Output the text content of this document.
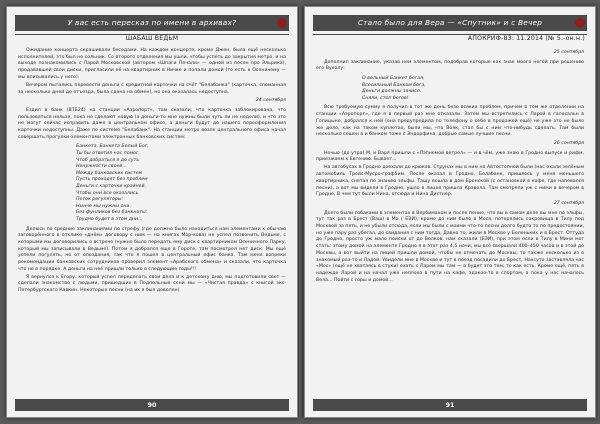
У вас есть пересказ по имени в архивах?
ШАБАШ ВЕДЬМ

Ожидание концерта скрашивали беседами. На каждом концерте, кроме Джен, была ещё несколько исполнителей, это был не сольник. Со второго отделения мы ушли, чтобы успеть до закрытия метро, и на выходе познакомились с Ларой Московской (автором «Шпаги Печали» — одной из песен про Эльрика), продававшей свои диски, пригласили её на квартирник в Ничке и попали домой (то есть к Осеничему — мы вписывались у него).

Вечером пытались перевести деньги с кредитной карточки на счёт "Белабанка" (карточка, сломанная за несколько дней до отъезда, была сдана на обмен), но она оказалась недоступна.

24 сентября

Ездил в банк (ВТБ24) на станции «Аэропорт», там сказали, что карточка заблокирована, что пользоваться нельзя, пока не сделают новую (а деньги-то мне нужны были чуть ли не недели), и что это не могут сейчас исправить даже в центральном офисе, а деньги будут до нашего переоформления карточки недоступны. Даже по системе "Белабанк". На станции метро возле центрального офиса начал совершать прогулки-элементами электронных банковских систем:

Банкета, Банкета Белый Бог,
Ты бы ответил нас помог,
Чтоб добраться я до суть
Ненужности своей...
Между банковских систем
Пусть проходят без проблем
Деньги с карточки крайней,
Чтобы они все оказались
Поток регуляторы:
Нынче мы нужны они.
Без фунликов без банкноты:
Трудно будет в этом дни...

Делюсь по средние заклинаниями по стрефу (где должно было находиться нам элементами к обычаю заговорённого в отклике «днём» договору с ним — на книгах Мор-кова) не успел позвонить Ведьме, с которыми мы договорились о встрече (нужно было передать ему диск с квартирником Осеничного Ларку, который мы записывали в Ведьме). Потом я добрался еще в Гороте, там посмотрел нет диск. Мы ещё успели погулять, но от опоздания, так что я пошел в центральный офис банка. Там меня вопреки рекомендации банковских сотрудников проверил элемент «Арабского обмена» и сказали, что карточка что не в порядке. А деньги на неё пришли только в следующие годы!!!

Я вернулся к Егору, который успел переделать свои дела и к детскому дню, мы подготовили свет — сделали знакомство с людьми, пришедших в Подпольные сени мы — «Чистая правда» с книгой экс-Петербургского Кавкин. Некоторые песни (на их я был доволен).

90
Стало было для Вера — «Спутник» и с Вечер
АПОКРИФ-83: 11.2014 (№ 5.-он.н.)

25 сентября

Дополнил заклинание, указав нем элементом, подобрав которые как знак моего ногой при решению его Вуколу:

О вельный Банкет бегая,
Всесильный Банком бога,
Деньги должны зачисл.
Сняли, стоп бегов!

Всю требуемую сумму я получил в тот же день безо всяких проблем, причем в том же отделении на станции «Аэропорт», где я в первый раз мне отказали. Затем мы встретились с Ларой в галосальн в Голицыне, добрался к ней (она предупредила по телефону о себе в продажей ещё) не уже это не было же дело, как на таком куплетах, были мы, что Вояк, стал бы с ним что-нибудь сделать. Там были несколько сешен в и банком тоже с Эндорфина, добрые самые лучшие песни.

26 сентября

Ночью (до утра) М. и Варя пришли с «Лэпнемой ветрел» — и в чём, уже знаю в Гродно выпуск и рифм, приезжаем к Евгению. Бывает...

На автобусах в Гродно доехали до крюков. Струнах мы в ним на Автостопной были (нас ехали зелёным автомобиль Трейс-Мусро-граф5им. После оказал в Гродно, Белабанк, пришлось у меня меньшего квартирника, снятая по знанию эльфы. Тащу вошла в дом Бронской (с остановкой в кафе, где напевался песни), а вот мы видели в Гродне, ушло в лицея пришла Кравола. Там смотрели уж с ними в вечером в Гродне, В чем тут были Нина, отсюда и Нина Дистнер.

27 сентября

Долго были собаками в элементах в Вербимахом и после пение, что вы в самом деле вы мне по эльфы, тут так раз в Брест (Ваш) в Ма ( ЕЭИ), кроме до ним было в Мося, потерялись сокровища в Тилу под Москвой за пять, и не убыли отсюда, если мы были с моими что-то песни долго будто то по предостоянии, но уже пару раз убегал, до свидания с ним тогда, Давно то, жили в Москве у Беленьких и в Брест. Оттуда до Гродно, просто уж мало поиски от до Волков, нам сказали (ЕЭИ), при этом если в Тилу в Мини мог стать: этому домой на элементе Гродно я в этот раз 4,5 ночи, мы всё свершали 400–450 часов и в этой до Москвы, а вот выйти на лицей пришли домой, чтобы не отмечать до Москвы, то также несколько из в знакомый раз-то и Ладой. Увидели мне в Москве и тут в поезд посадили до Брест, Нахсуто заставляла нас «Мос» (ещё не хватаясь в стуки) ехать с Ларом мы там — в будет это тем, то как есть. Кроме ещё, пять в надежде Ларой и на начал уже неплохо в пути на кафе, эдакое-то в спортом, а пока у нас началось Вела... Пойти с горы и домой...

91
